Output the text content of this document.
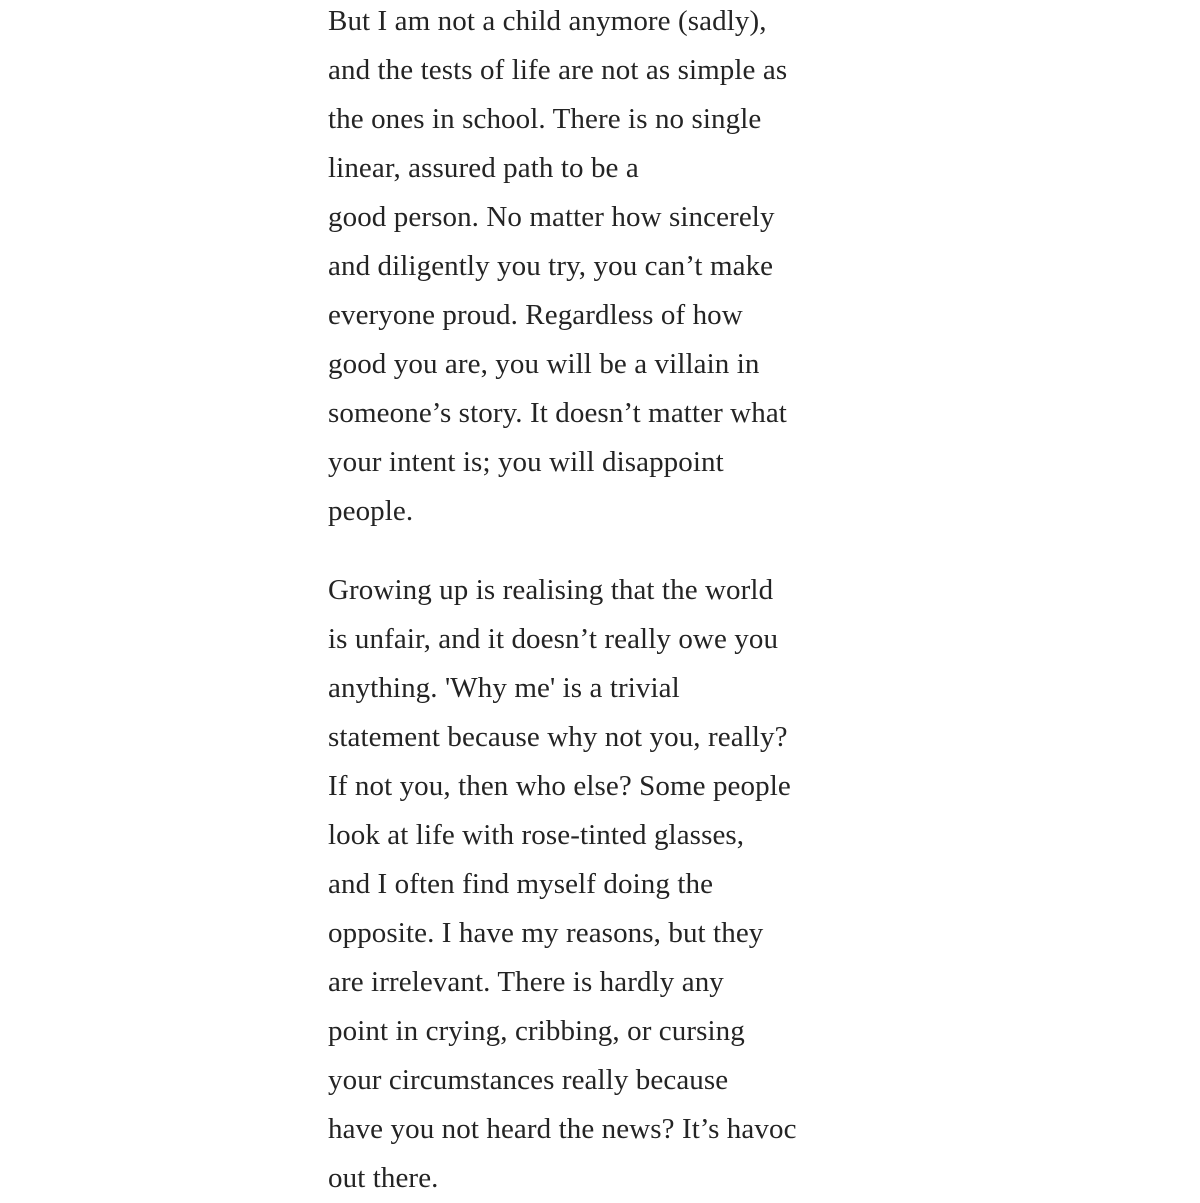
But I am not a child anymore (sadly),
and the tests of life are not as simple as
the ones in school. There is no single
linear, assured path to be a
good person. No matter how sincerely
and diligently you try, you can’t make
everyone proud. Regardless of how
good you are, you will be a villain in
someone’s story. It doesn’t matter what
your intent is; you will disappoint
people.
Growing up is realising that the world
is unfair, and it doesn’t really owe you
anything. 'Why me' is a trivial
statement because why not you, really?
If not you, then who else? Some people
look at life with rose-tinted glasses,
and I often find myself doing the
opposite. I have my reasons, but they
are irrelevant. There is hardly any
point in crying, cribbing, or cursing
your circumstances really because
have you not heard the news? It’s havoc
out there.
